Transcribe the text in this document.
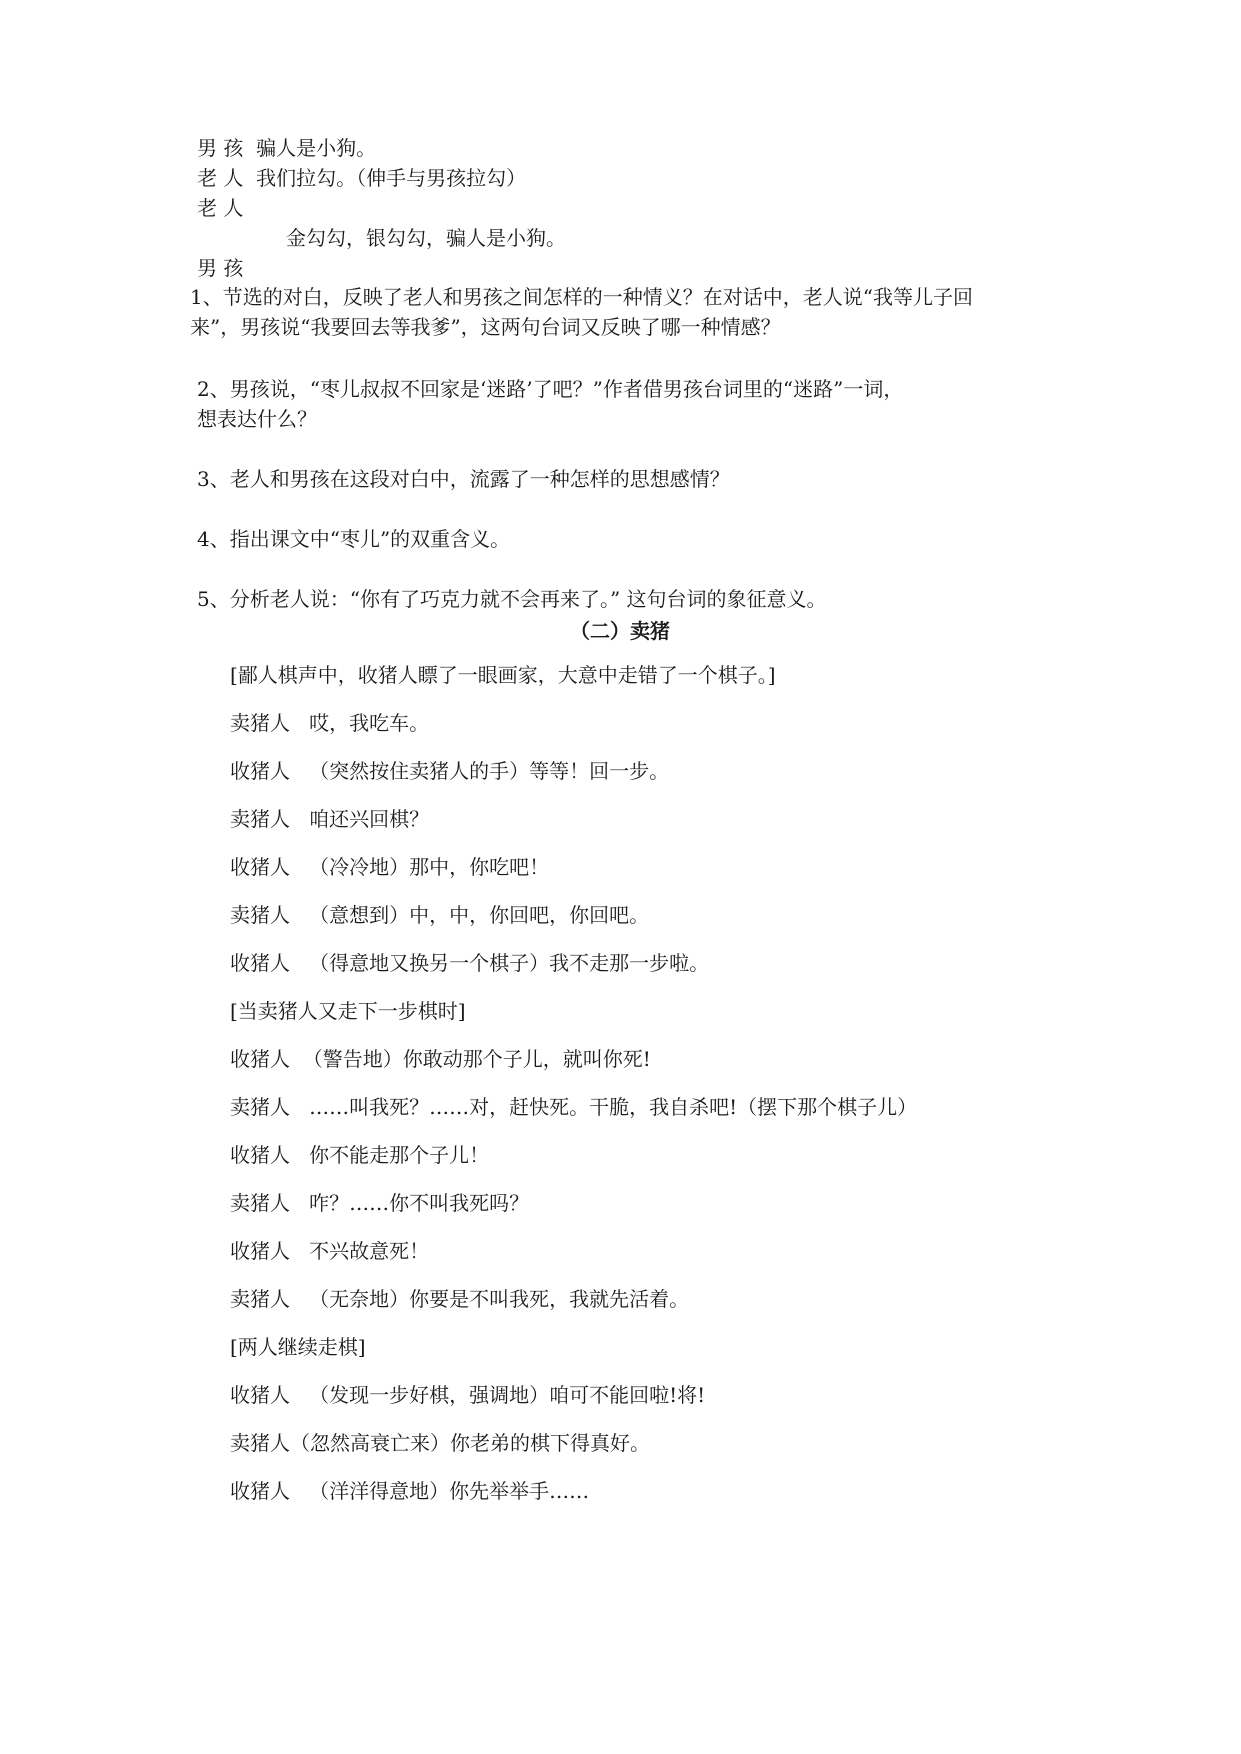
男 孩  骗人是小狗。
老 人  我们拉勾。（伸手与男孩拉勾）
老 人
金勾勾，银勾勾，骗人是小狗。
男 孩
1、节选的对白，反映了老人和男孩之间怎样的一种情义？在对话中，老人说“我等儿子回
来”，男孩说“我要回去等我爹”，这两句台词又反映了哪一种情感？
2、男孩说，“枣儿叔叔不回家是‘迷路’了吧？”作者借男孩台词里的“迷路”一词，
想表达什么？
3、老人和男孩在这段对白中，流露了一种怎样的思想感情？
4、指出课文中“枣儿”的双重含义。
5、分析老人说：“你有了巧克力就不会再来了。” 这句台词的象征意义。
（二）卖猪
[鄙人棋声中，收猪人瞟了一眼画家，大意中走错了一个棋子。]
卖猪人   哎，我吃车。
收猪人   （突然按住卖猪人的手）等等！回一步。
卖猪人   咱还兴回棋？
收猪人   （冷冷地）那中，你吃吧！
卖猪人   （意想到）中，中，你回吧，你回吧。
收猪人   （得意地又换另一个棋子）我不走那一步啦。
[当卖猪人又走下一步棋时]
收猪人  （警告地）你敢动那个子儿，就叫你死!
卖猪人   ……叫我死？……对，赶快死。干脆，我自杀吧!（摆下那个棋子儿）
收猪人   你不能走那个子儿！
卖猪人   咋？……你不叫我死吗？
收猪人   不兴故意死！
卖猪人   （无奈地）你要是不叫我死，我就先活着。
[两人继续走棋]
收猪人   （发现一步好棋，强调地）咱可不能回啦!将!
卖猪人（忽然高衰亡来）你老弟的棋下得真好。
收猪人   （洋洋得意地）你先举举手……
